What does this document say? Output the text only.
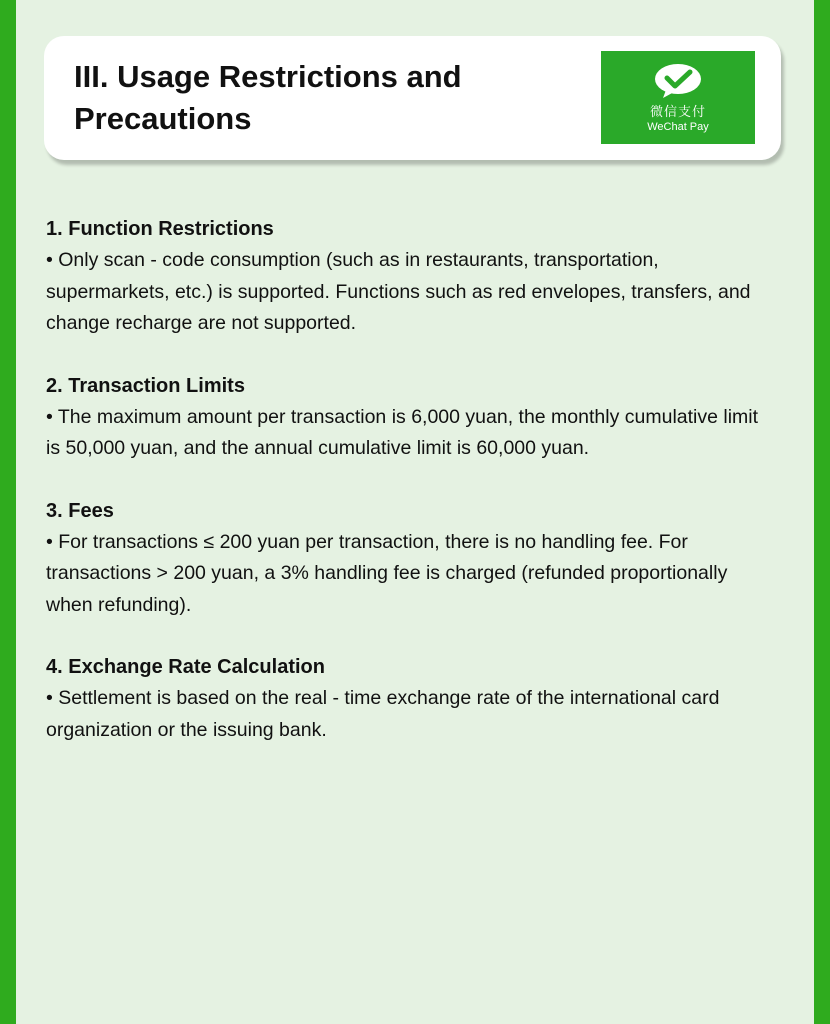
III. Usage Restrictions and Precautions	微信支付
WeChat Pay

1. Function Restrictions

• Only scan - code consumption (such as in restaurants, transportation, supermarkets, etc.) is supported. Functions such as red envelopes, transfers, and change recharge are not supported.

2. Transaction Limits

• The maximum amount per transaction is 6,000 yuan, the monthly cumulative limit is 50,000 yuan, and the annual cumulative limit is 60,000 yuan.

3. Fees

• For transactions ≤ 200 yuan per transaction, there is no handling fee. For transactions > 200 yuan, a 3% handling fee is charged (refunded proportionally when refunding).

4. Exchange Rate Calculation

• Settlement is based on the real - time exchange rate of the international card organization or the issuing bank.
